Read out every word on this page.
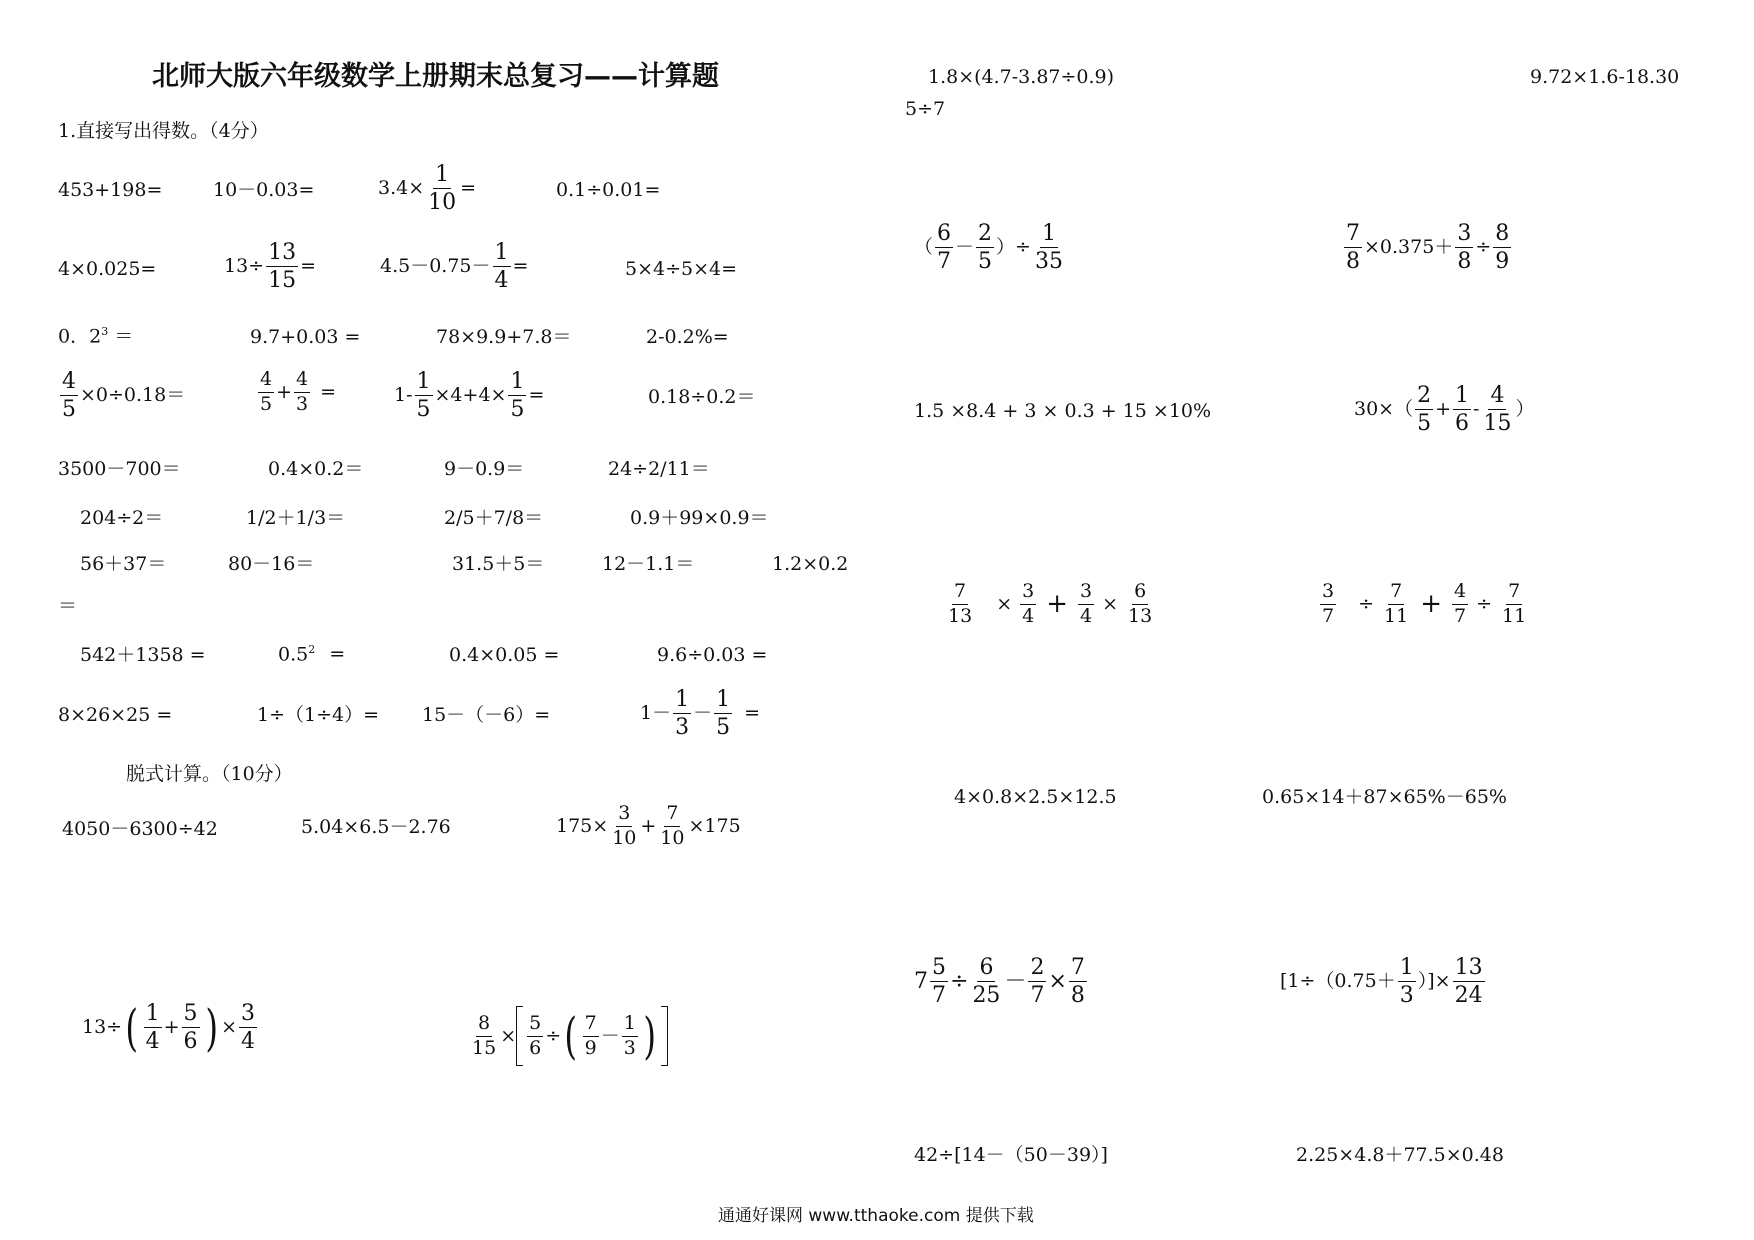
北师大版六年级数学上册期末总复习——计算题
1.直接写出得数。（4分）
453+198=	10－0.03=	$3.4\times \frac{1}{10}$ =	0.1÷0.01=
4×0.025=	$13\div \frac{13}{15}$ =	$4.5-0.75- \frac{1}{4}$ =	5×4÷5×4=
0．$2^3$ ＝	9.7+0.03 =	78×9.9+7.8＝	2-0.2%=
$\frac{4}{5} \times 0\div 0.18=$	$\frac{4}{5} + \frac{4}{3}$ =	$1- \frac{1}{5} \times 4+4\times \frac{1}{5}$ =	0.18÷0.2＝
3500－700＝	0.4×0.2＝	9－0.9＝	24÷2/11＝
204÷2＝	1/2＋1/3＝	2/5＋7/8＝	0.9＋99×0.9＝
56＋37＝	80－16＝	31.5＋5＝	12－1.1＝	1.2×0.2
＝
542＋1358 =	$0.5^2$ =	0.4×0.05 =	9.6÷0.03 =
8×26×25 =	1÷（1÷4）= 15－（－6）=	$1- \frac{1}{3} - \frac{1}{5}$ =
脱式计算。（10分）
4050－6300÷42	5.04×6.5－2.76	$175\times \frac{3}{10} + \frac{7}{10} \times 175$
13÷ ( $\frac{1}{4} + \frac{5}{6}$ ) × $\frac{3}{4}$	$\frac{8}{15} \times \frac{5}{6}$ ÷ ( $\frac{7}{9} - \frac{1}{3}$ )
1.8×(4.7-3.87÷0.9)	9.72×1.6-18.30
5÷7
（ $\frac{6}{7} - \frac{2}{5}$ ）÷ $\frac{1}{35}$	$\frac{7}{8} \times 0.375+ \frac{3}{8} \div \frac{8}{9}$
1.5 ×8.4 + 3 × 0.3 + 15 ×10%	$30\times( \frac{2}{5} + \frac{1}{6} - \frac{4}{15}$ ）
$\frac{7}{13} \times \frac{3}{4} + \frac{3}{4} \times \frac{6}{13}$	$\frac{3}{7} \div \frac{7}{11} + \frac{4}{7} \div \frac{7}{11}$
4×0.8×2.5×12.5	0.65×14＋87×65%－65%
$7 \frac{5}{7} \div \frac{6}{25} - \frac{2}{7} \times \frac{7}{8}$	[$1\div(0.75+ \frac{1}{3}$ ）]× $\frac{13}{24}$
42÷[14－（50－39）]	2.25×4.8＋77.5×0.48
通通好课网 www.tthaoke.com 提供下载
